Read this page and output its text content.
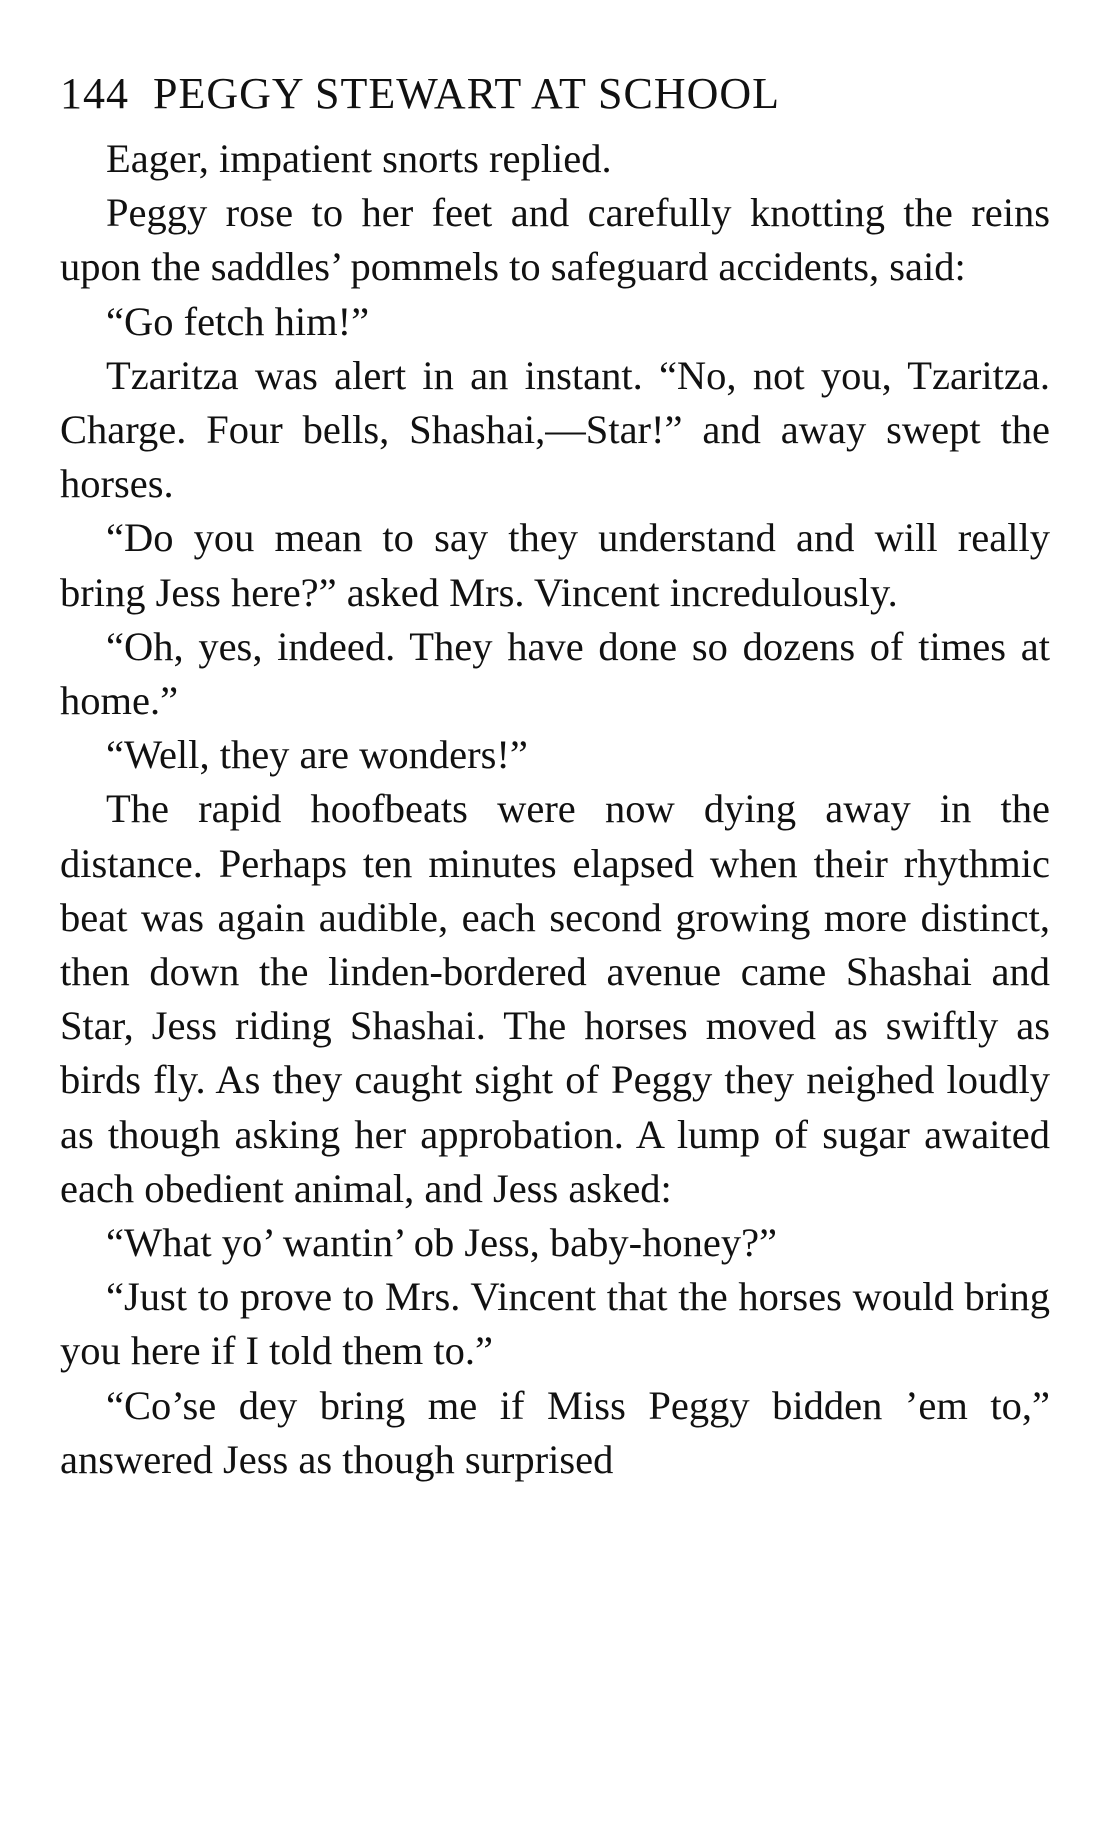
144 PEGGY STEWART AT SCHOOL

Eager, impatient snorts replied.

Peggy rose to her feet and carefully knotting the reins upon the saddles’ pommels to safeguard accidents, said:

“Go fetch him!”

Tzaritza was alert in an instant. “No, not you, Tzaritza. Charge. Four bells, Shashai,—Star!” and away swept the horses.

“Do you mean to say they understand and will really bring Jess here?” asked Mrs. Vincent incredulously.

“Oh, yes, indeed. They have done so dozens of times at home.”

“Well, they are wonders!”

The rapid hoofbeats were now dying away in the distance. Perhaps ten minutes elapsed when their rhythmic beat was again audible, each second growing more distinct, then down the linden-bordered avenue came Shashai and Star, Jess riding Shashai. The horses moved as swiftly as birds fly. As they caught sight of Peggy they neighed loudly as though asking her approbation. A lump of sugar awaited each obedient animal, and Jess asked:

“What yo’ wantin’ ob Jess, baby-honey?”

“Just to prove to Mrs. Vincent that the horses would bring you here if I told them to.”

“Co’se dey bring me if Miss Peggy bidden ’em to,” answered Jess as though surprised
